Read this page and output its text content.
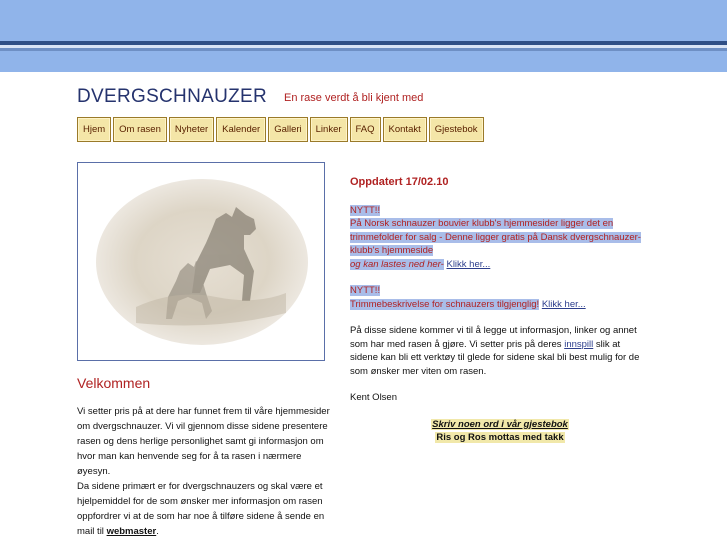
DVERGSCHNAUZER En rase verdt å bli kjent med
Hjem	Om rasen	Nyheter	Kalender	Galleri	Linker	FAQ	Kontakt	Gjestebok
Velkommen

Vi setter pris på at dere har funnet frem til våre hjemmesider om dvergschnauzer. Vi vil gjennom disse sidene presentere rasen og dens herlige personlighet samt gi informasjon om hvor man kan henvende seg for å ta rasen i nærmere øyesyn.

Da sidene primært er for dvergschnauzers og skal være et hjelpemiddel for de som ønsker mer informasjon om rasen oppfordrer vi at de som har noe å tilføre sidene å sende en mail til webmaster.

Oppdatert 17/02.10
NYTT!!
På Norsk schnauzer bouvier klubb's hjemmesider ligger det en trimmefolder for salg - Denne ligger gratis på Dansk dvergschnauzer-klubb's hjemmeside
og kan lastes ned her- Klikk her...
NYTT!!
Trimmebeskrivelse for schnauzers tilgjenglig! Klikk her...
På disse sidene kommer vi til å legge ut informasjon, linker og annet som har med rasen å gjøre. Vi setter pris på deres innspill slik at sidene kan bli ett verktøy til glede for sidene skal bli best mulig for de som ønsker mer viten om rasen.
Kent Olsen
Skriv noen ord i vår gjestebok
Ris og Ros mottas med takk
